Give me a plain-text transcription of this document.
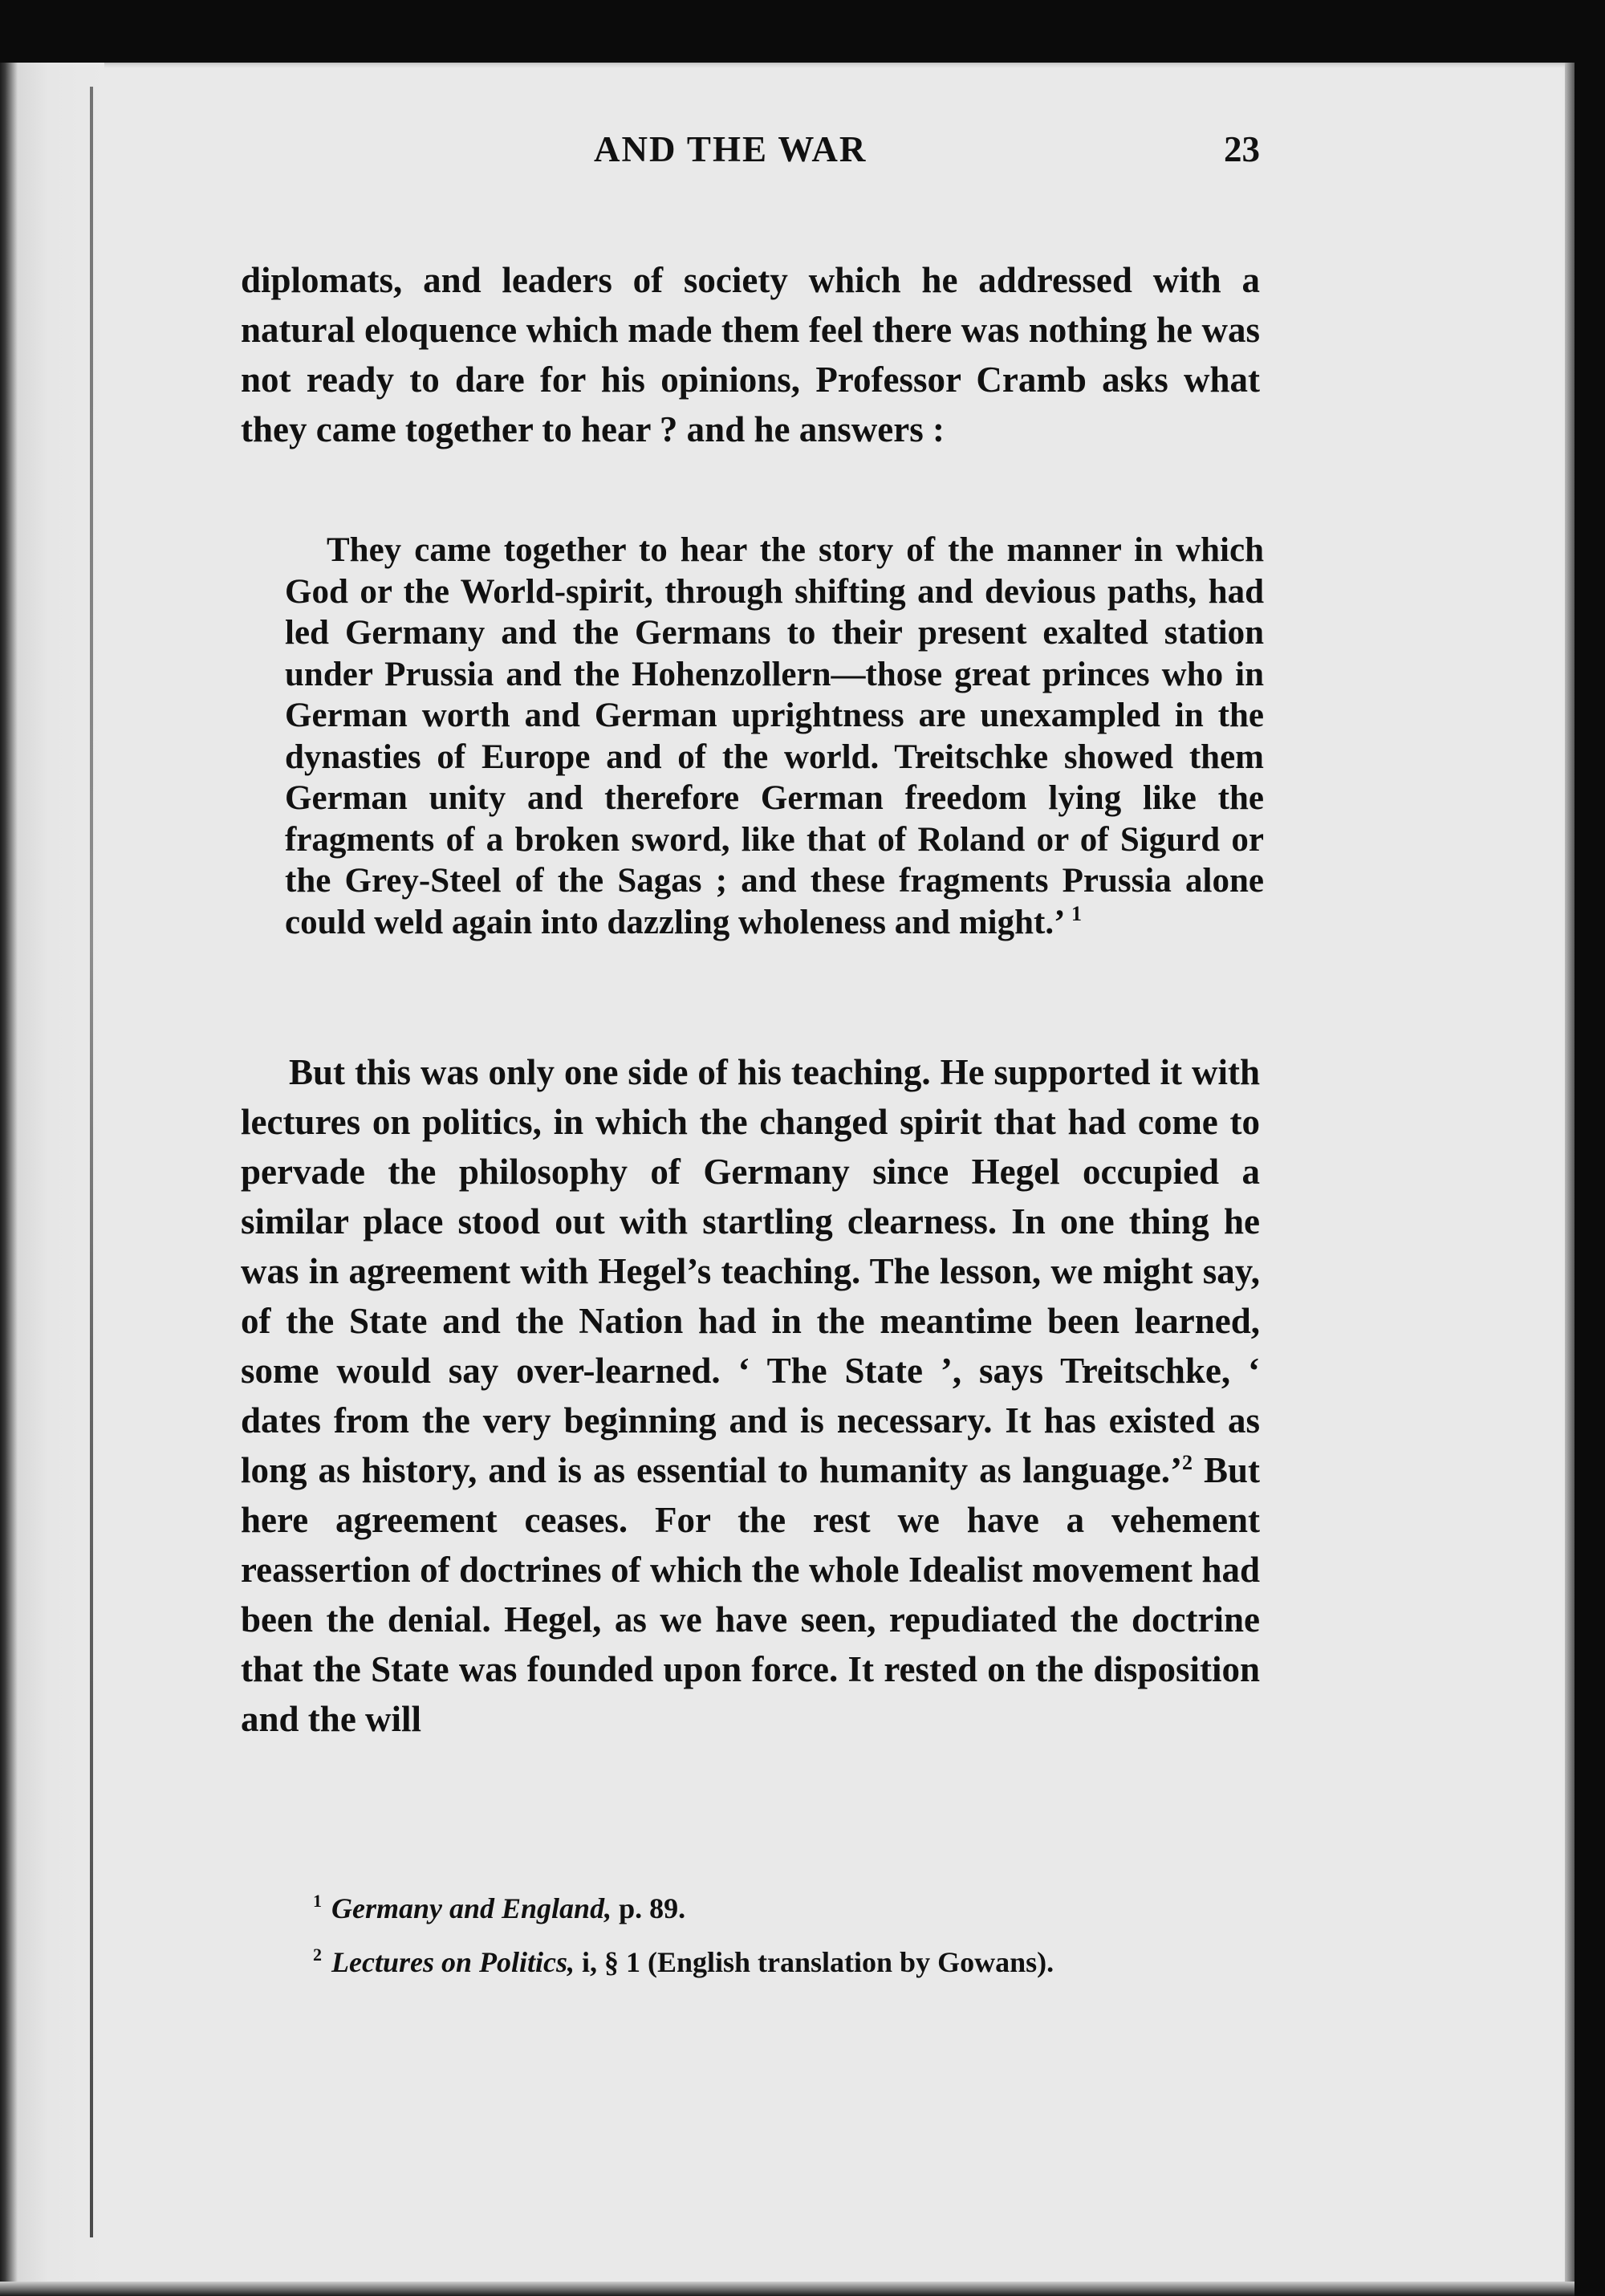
AND THE WAR	23

diplomats, and leaders of society which he addressed with a natural eloquence which made them feel there was nothing he was not ready to dare for his opinions, Professor Cramb asks what they came together to hear ? and he answers :

They came together to hear the story of the manner in which God or the World-spirit, through shifting and devious paths, had led Germany and the Germans to their present exalted station under Prussia and the Hohenzollern—those great princes who in German worth and German uprightness are unexampled in the dynasties of Europe and of the world. Treitschke showed them German unity and therefore German freedom lying like the fragments of a broken sword, like that of Roland or of Sigurd or the Grey-Steel of the Sagas ; and these fragments Prussia alone could weld again into dazzling wholeness and might.’ $^1$

But this was only one side of his teaching. He supported it with lectures on politics, in which the changed spirit that had come to pervade the philosophy of Germany since Hegel occupied a similar place stood out with startling clearness. In one thing he was in agreement with Hegel’s teaching. The lesson, we might say, of the State and the Nation had in the meantime been learned, some would say over-learned. ‘ The State ’, says Treitschke, ‘ dates from the very beginning and is necessary. It has existed as long as history, and is as essential to humanity as language.’$^2$ But here agreement ceases. For the rest we have a vehement reassertion of doctrines of which the whole Idealist movement had been the denial. Hegel, as we have seen, repudiated the doctrine that the State was founded upon force. It rested on the disposition and the will

$^1$ Germany and England, p. 89.
$^2$ Lectures on Politics, i, § 1 (English translation by Gowans).
